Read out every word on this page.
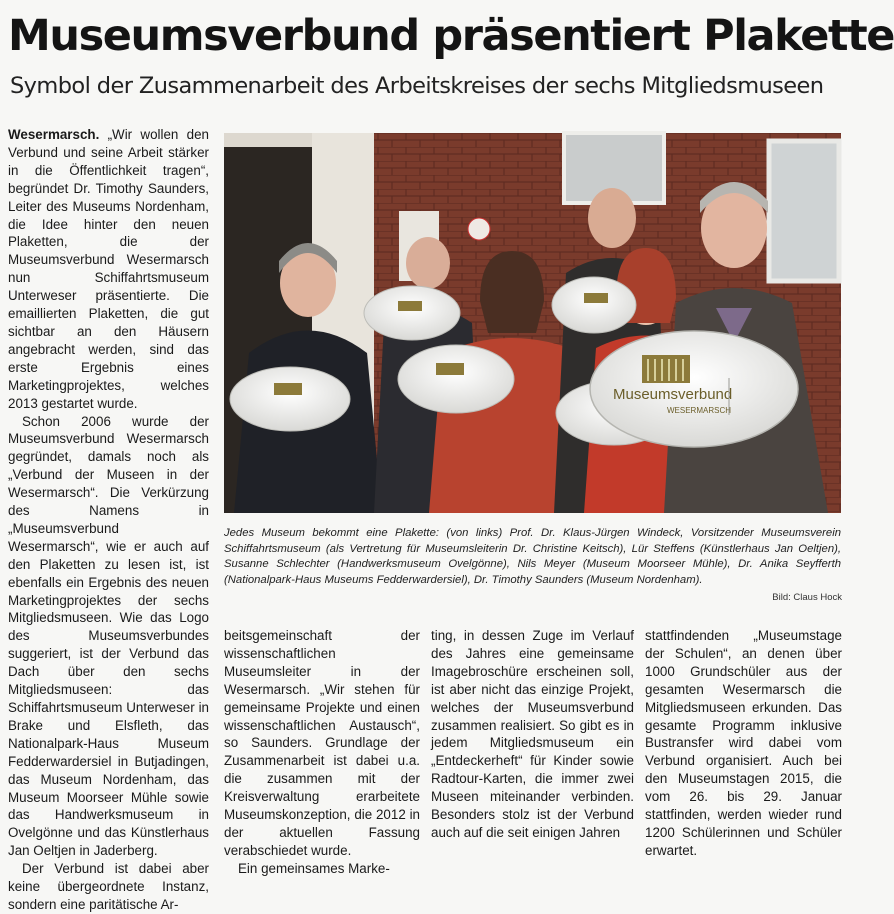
Museumsverbund präsentiert Plakette
Symbol der Zusammenarbeit des Arbeitskreises der sechs Mitgliedsmuseen

Wesermarsch. „Wir wollen den Verbund und seine Arbeit stärker in die Öffentlichkeit tragen“, begründet Dr. Timothy Saunders, Leiter des Museums Nordenham, die Idee hinter den neuen Plaketten, die der Museumsverbund Wesermarsch nun Schiffahrtsmuseum Unterweser präsentierte. Die emaillierten Plaketten, die gut sichtbar an den Häusern angebracht werden, sind das erste Ergebnis eines Marketingprojektes, welches 2013 gestartet wurde.

Schon 2006 wurde der Museumsverbund Wesermarsch gegründet, damals noch als „Verbund der Museen in der Wesermarsch“. Die Verkürzung des Namens in „Museumsverbund Wesermarsch“, wie er auch auf den Plaketten zu lesen ist, ist ebenfalls ein Ergebnis des neuen Marketingprojektes der sechs Mitgliedsmuseen. Wie das Logo des Museumsverbundes suggeriert, ist der Verbund das Dach über den sechs Mitgliedsmuseen: das Schiffahrtsmuseum Unterweser in Brake und Elsfleth, das Nationalpark-Haus Museum Fedderwardersiel in Butjadingen, das Museum Nordenham, das Museum Moorseer Mühle sowie das Handwerksmuseum in Ovelgönne und das Künstlerhaus Jan Oeltjen in Jaderberg.

Der Verbund ist dabei aber keine übergeordnete Instanz, sondern eine paritätische Ar-

Museumsverbund
WESERMARSCH
Jedes Museum bekommt eine Plakette: (von links) Prof. Dr. Klaus-Jürgen Windeck, Vorsitzender Museumsverein Schiffahrtsmuseum (als Vertretung für Museumsleiterin Dr. Christine Keitsch), Lür Steffens (Künstlerhaus Jan Oeltjen), Susanne Schlechter (Handwerksmuseum Ovelgönne), Nils Meyer (Museum Moorseer Mühle), Dr. Anika Seyfferth (Nationalpark-Haus Museums Fedderwardersiel), Dr. Timothy Saunders (Museum Nordenham).
Bild: Claus Hock

beitsgemeinschaft der wissenschaftlichen Museumsleiter in der Wesermarsch. „Wir stehen für gemeinsame Projekte und einen wissenschaftlichen Austausch“, so Saunders. Grundlage der Zusammenarbeit ist dabei u.a. die zusammen mit der Kreisverwaltung erarbeitete Museumskonzeption, die 2012 in der aktuellen Fassung verabschiedet wurde.

Ein gemeinsames Marke-

ting, in dessen Zuge im Verlauf des Jahres eine gemeinsame Imagebroschüre erscheinen soll, ist aber nicht das einzige Projekt, welches der Museumsverbund zusammen realisiert. So gibt es in jedem Mitgliedsmuseum ein „Entdeckerheft“ für Kinder sowie Radtour-Karten, die immer zwei Museen miteinander verbinden. Besonders stolz ist der Verbund auch auf die seit einigen Jahren

stattfindenden „Museumstage der Schulen“, an denen über 1000 Grundschüler aus der gesamten Wesermarsch die Mitgliedsmuseen erkunden. Das gesamte Programm inklusive Bustransfer wird dabei vom Verbund organisiert. Auch bei den Museumstagen 2015, die vom 26. bis 29. Januar stattfinden, werden wieder rund 1200 Schülerinnen und Schüler erwartet.
